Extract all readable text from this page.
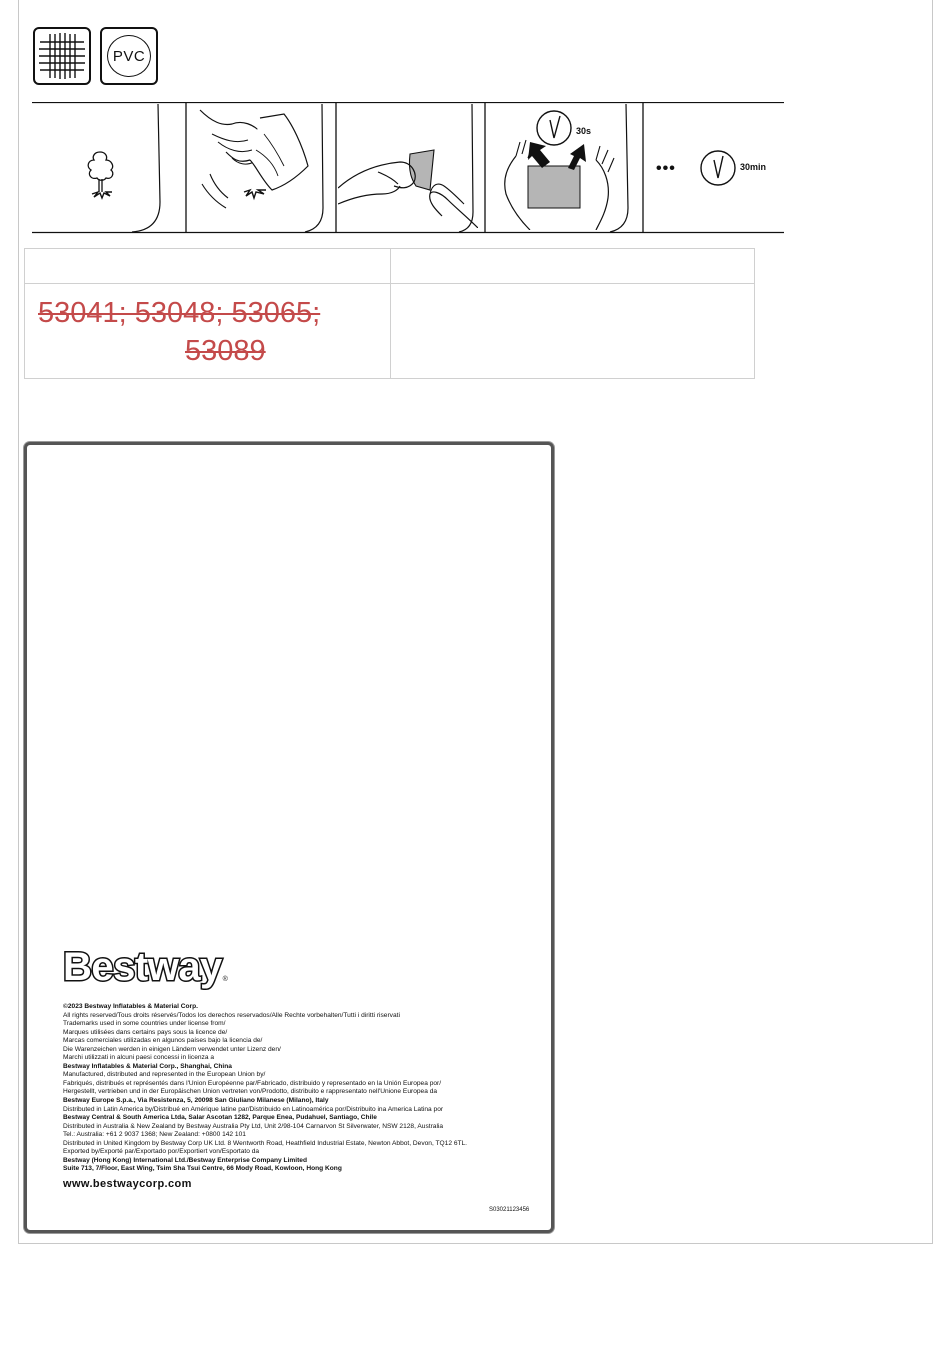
PVC
30s
•••	30min
53041; 53048; 53065;
53089
Bestway ®
©2023 Bestway Inflatables & Material Corp.
All rights reserved/Tous droits réservés/Todos los derechos reservados/Alle Rechte vorbehalten/Tutti i diritti riservati
Trademarks used in some countries under license from/
Marques utilisées dans certains pays sous la licence de/
Marcas comerciales utilizadas en algunos países bajo la licencia de/
Die Warenzeichen werden in einigen Ländern verwendet unter Lizenz den/
Marchi utilizzati in alcuni paesi concessi in licenza a
Bestway Inflatables & Material Corp., Shanghai, China
Manufactured, distributed and represented in the European Union by/
Fabriqués, distribués et représentés dans l'Union Européenne par/Fabricado, distribuido y representado en la Unión Europea por/
Hergestellt, vertrieben und in der Europäischen Union vertreten von/Prodotto, distribuito e rappresentato nell'Unione Europea da
Bestway Europe S.p.a., Via Resistenza, 5, 20098 San Giuliano Milanese (Milano), Italy
Distributed in Latin America by/Distribué en Amérique latine par/Distribuido en Latinoamérica por/Distribuito ina America Latina por
Bestway Central & South America Ltda, Salar Ascotan 1282, Parque Enea, Pudahuel, Santiago, Chile
Distributed in Australia & New Zealand by Bestway Australia Pty Ltd, Unit 2/98-104 Carnarvon St Silverwater, NSW 2128, Australia
Tel.: Australia: +61 2 9037 1368; New Zealand: +0800 142 101
Distributed in United Kingdom by Bestway Corp UK Ltd. 8 Wentworth Road, Heathfield Industrial Estate, Newton Abbot, Devon, TQ12 6TL.
Exported by/Exporté par/Exportado por/Exportiert von/Esportato da
Bestway (Hong Kong) International Ltd./Bestway Enterprise Company Limited
Suite 713, 7/Floor, East Wing, Tsim Sha Tsui Centre, 66 Mody Road, Kowloon, Hong Kong
www.bestwaycorp.com
S03021123456
